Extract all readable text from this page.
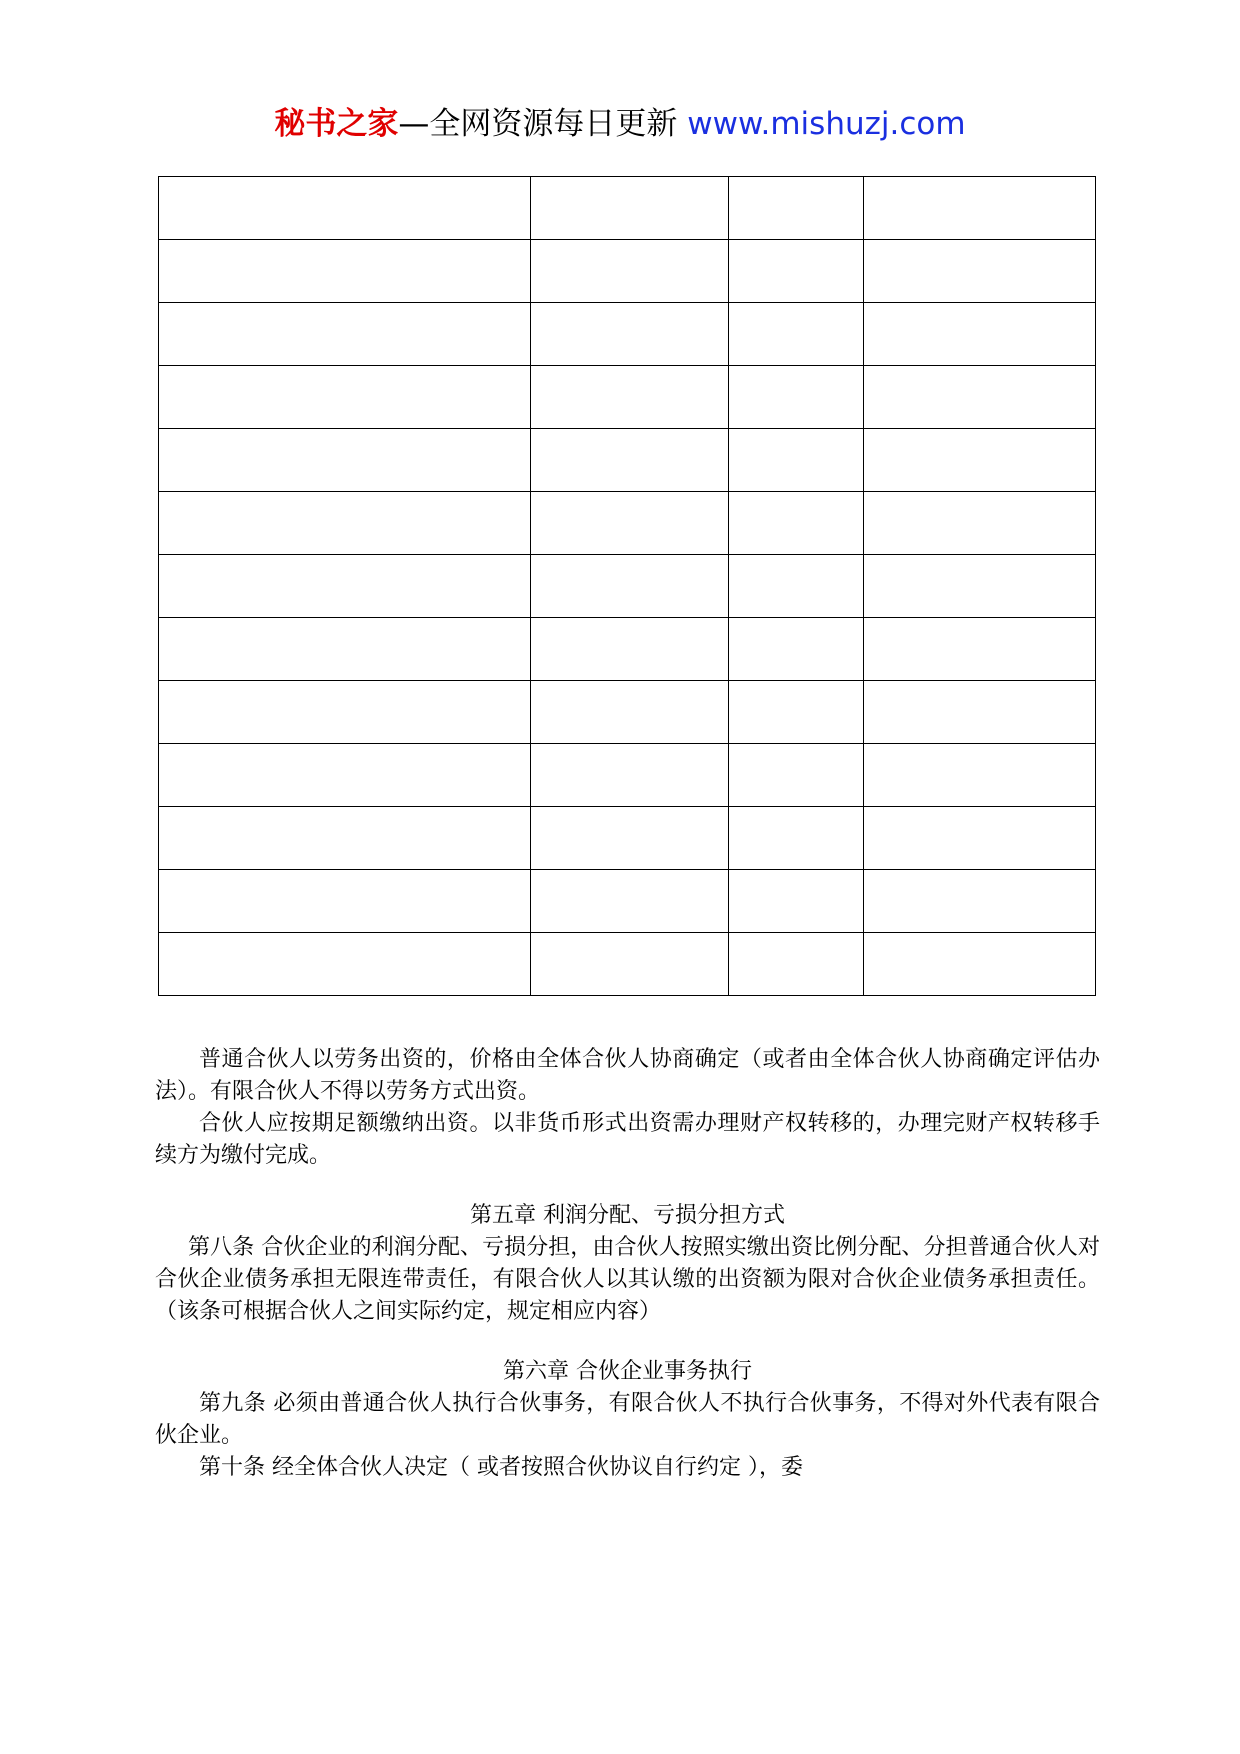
秘书之家—全网资源每日更新 www.mishuzj.com

普通合伙人以劳务出资的，价格由全体合伙人协商确定（或者由全体合伙人协商确定评估办法）。有限合伙人不得以劳务方式出资。

合伙人应按期足额缴纳出资。以非货币形式出资需办理财产权转移的，办理完财产权转移手续方为缴付完成。

第五章 利润分配、亏损分担方式

第八条 合伙企业的利润分配、亏损分担，由合伙人按照实缴出资比例分配、分担普通合伙人对合伙企业债务承担无限连带责任，有限合伙人以其认缴的出资额为限对合伙企业债务承担责任。（该条可根据合伙人之间实际约定，规定相应内容）

第六章 合伙企业事务执行

第九条 必须由普通合伙人执行合伙事务，有限合伙人不执行合伙事务，不得对外代表有限合伙企业。

第十条 经全体合伙人决定（ 或者按照合伙协议自行约定 ），委
